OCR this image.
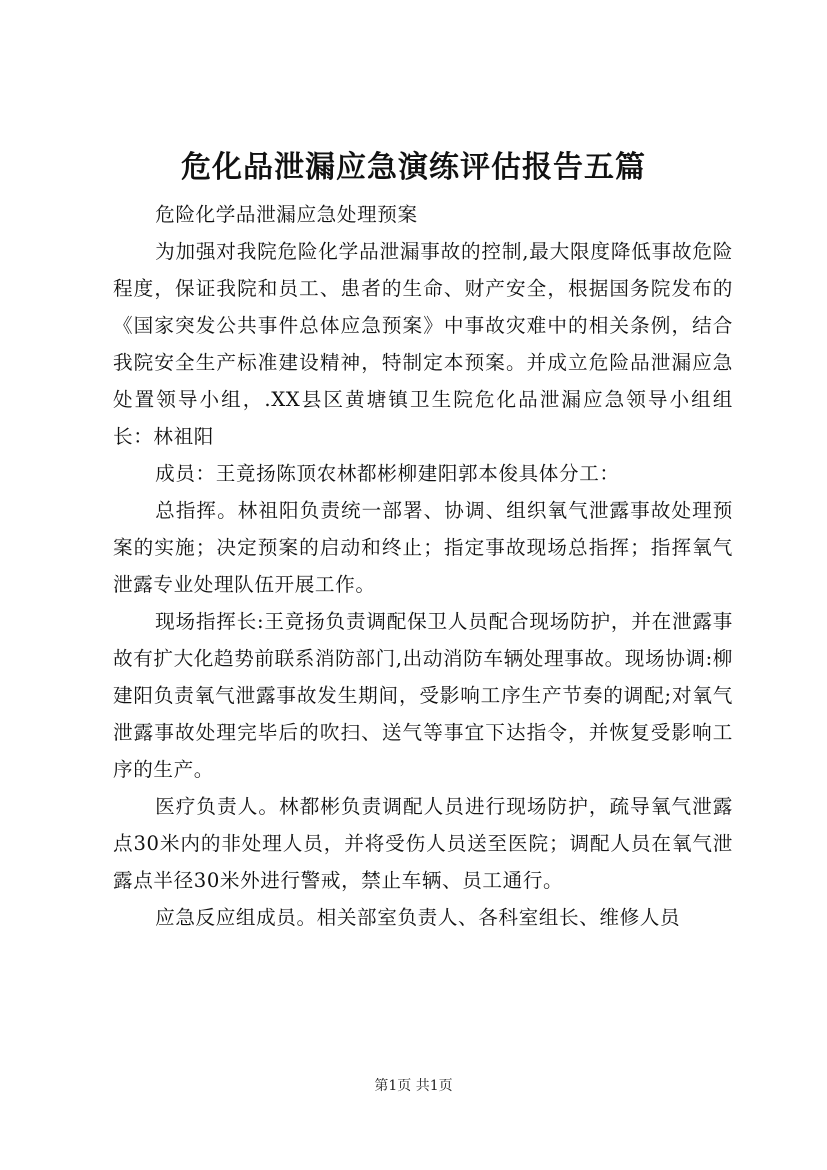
危化品泄漏应急演练评估报告五篇

危险化学品泄漏应急处理预案

为加强对我院危险化学品泄漏事故的控制,最大限度降低事故危险程度，保证我院和员工、患者的生命、财产安全，根据国务院发布的《国家突发公共事件总体应急预案》中事故灾难中的相关条例，结合我院安全生产标准建设精神，特制定本预案。并成立危险品泄漏应急处置领导小组，.XX县区黄塘镇卫生院危化品泄漏应急领导小组组长：林祖阳

成员：王竟扬陈顶农林都彬柳建阳郭本俊具体分工：

总指挥。林祖阳负责统一部署、协调、组织氧气泄露事故处理预案的实施；决定预案的启动和终止；指定事故现场总指挥；指挥氧气泄露专业处理队伍开展工作。

现场指挥长:王竟扬负责调配保卫人员配合现场防护，并在泄露事故有扩大化趋势前联系消防部门,出动消防车辆处理事故。现场协调:柳建阳负责氧气泄露事故发生期间，受影响工序生产节奏的调配;对氧气泄露事故处理完毕后的吹扫、送气等事宜下达指令，并恢复受影响工序的生产。

医疗负责人。林都彬负责调配人员进行现场防护，疏导氧气泄露点30米内的非处理人员，并将受伤人员送至医院；调配人员在氧气泄露点半径30米外进行警戒，禁止车辆、员工通行。

应急反应组成员。相关部室负责人、各科室组长、维修人员

第1页 共1页
